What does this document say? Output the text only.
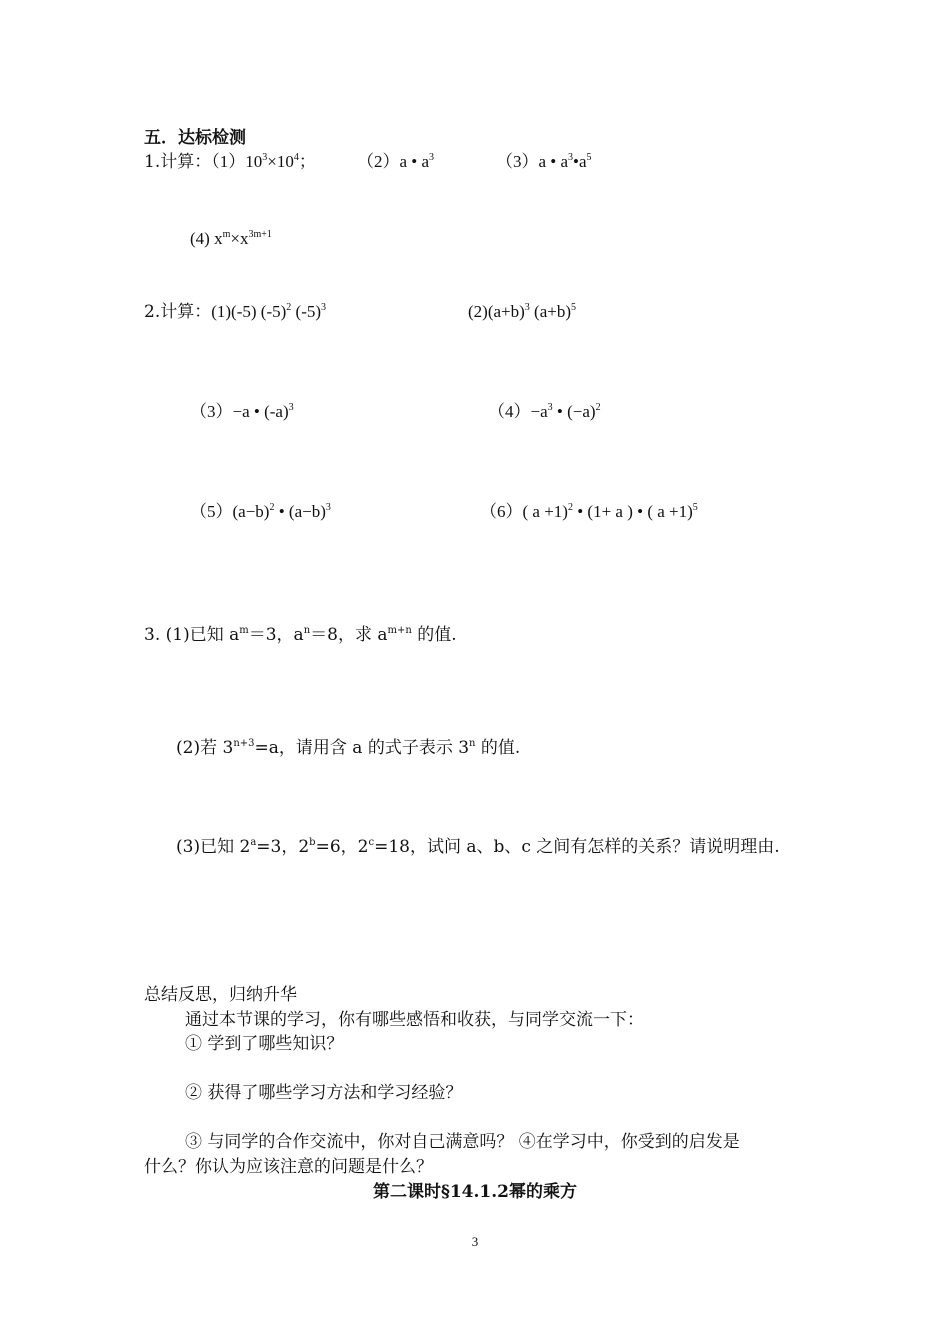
五．达标检测
1.计算：$(1)10^3\times 10^4$； （2）a • $a^3$	（3）a • $a^3•a^5$
(4) $x^m\times x^{3m+1}$
2.计算：(1)(-5) $(-5)^2$ $(-5)^3$	$(2)(a+b)^3$ $(a+b)^5$
（3）−a • $(-a)^3$	$(4)-a^3$ • $(-a)^2$
$(5)(a-b)^2$ • $(a-b)^3$	（6）( a +1)$^2$ • (1+ a ) • ( a +1)$^5$
3. (1)已知 $a^m=3$，$a^n=8$，求 $a^{m+n}$ 的值.
(2)若 $3^{n+3}=a$，请用含 a 的式子表示 3$^n$ 的值.
(3)已知 $2^a=3$，$2^b=6$，$2^c=18$，试问 a、b、c 之间有怎样的关系？请说明理由.
总结反思，归纳升华
通过本节课的学习，你有哪些感悟和收获，与同学交流一下：
① 学到了哪些知识？
② 获得了哪些学习方法和学习经验？
③ 与同学的合作交流中，你对自己满意吗？ ④在学习中，你受到的启发是
什么？你认为应该注意的问题是什么？
第二课时§14.1.2幂的乘方
3
